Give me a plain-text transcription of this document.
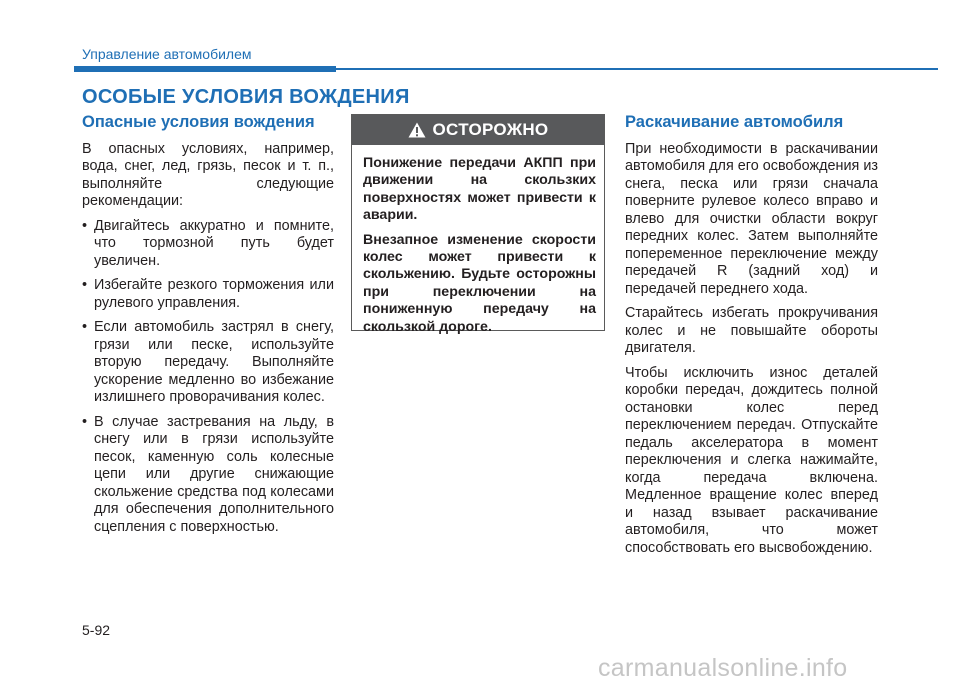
Управление автомобилем
ОСОБЫЕ УСЛОВИЯ ВОЖДЕНИЯ
Опасные условия вождения

В опасных условиях, например, вода, снег, лед, грязь, песок и т. п., выполняйте следующие рекомендации:

• Двигайтесь аккуратно и помните, что тормозной путь будет увеличен.
• Избегайте резкого торможения или рулевого управления.
• Если автомобиль застрял в снегу, грязи или песке, используйте вторую передачу. Выполняйте ускорение медленно во избежание излишнего проворачивания колес.
• В случае застревания на льду, в снегу или в грязи используйте песок, каменную соль колесные цепи или другие снижающие скольжение средства под колесами для обеспечения дополнительного сцепления с поверхностью.
ОСТОРОЖНО

Понижение передачи АКПП при движении на скользких поверхностях может привести к аварии.

Внезапное изменение скорости колес может привести к скольжению. Будьте осторожны при переключении на пониженную передачу на скользкой дороге.

Раскачивание автомобиля

При необходимости в раскачивании автомобиля для его освобождения из снега, песка или грязи сначала поверните рулевое колесо вправо и влево для очистки области вокруг передних колес. Затем выполняйте попеременное переключение между передачей R (задний ход) и передачей переднего хода.

Старайтесь избегать прокручивания колес и не повышайте обороты двигателя.

Чтобы исключить износ деталей коробки передач, дождитесь полной остановки колес перед переключением передач. Отпускайте педаль акселератора в момент переключения и слегка нажимайте, когда передача включена. Медленное вращение колес вперед и назад взывает раскачивание автомобиля, что может способствовать его высвобождению.

5-92
carmanualsonline.info
